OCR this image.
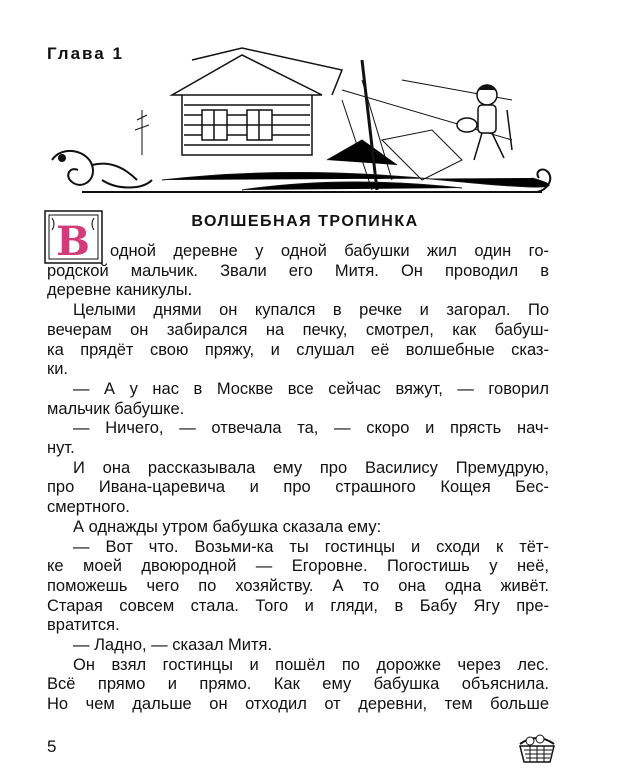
Глава 1
В	ВОЛШЕБНАЯ ТРОПИНКА

одной деревне у одной бабушки жил один го-

родской мальчик. Звали его Митя. Он проводил в

деревне каникулы.

Целыми днями он купался в речке и загорал. По

вечерам он забирался на печку, смотрел, как бабуш-

ка прядёт свою пряжу, и слушал её волшебные сказ-

ки.

— А у нас в Москве все сейчас вяжут, — говорил

мальчик бабушке.

— Ничего, — отвечала та, — скоро и прясть нач-

нут.

И она рассказывала ему про Василису Премудрую,

про Ивана-царевича и про страшного Кощея Бес-

смертного.

А однажды утром бабушка сказала ему:

— Вот что. Возьми-ка ты гостинцы и сходи к тёт-

ке моей двоюродной — Егоровне. Погостишь у неё,

поможешь чего по хозяйству. А то она одна живёт.

Старая совсем стала. Того и гляди, в Бабу Ягу пре-

вратится.

— Ладно, — сказал Митя.

Он взял гостинцы и пошёл по дорожке через лес.

Всё прямо и прямо. Как ему бабушка объяснила.

Но чем дальше он отходил от деревни, тем больше

5
